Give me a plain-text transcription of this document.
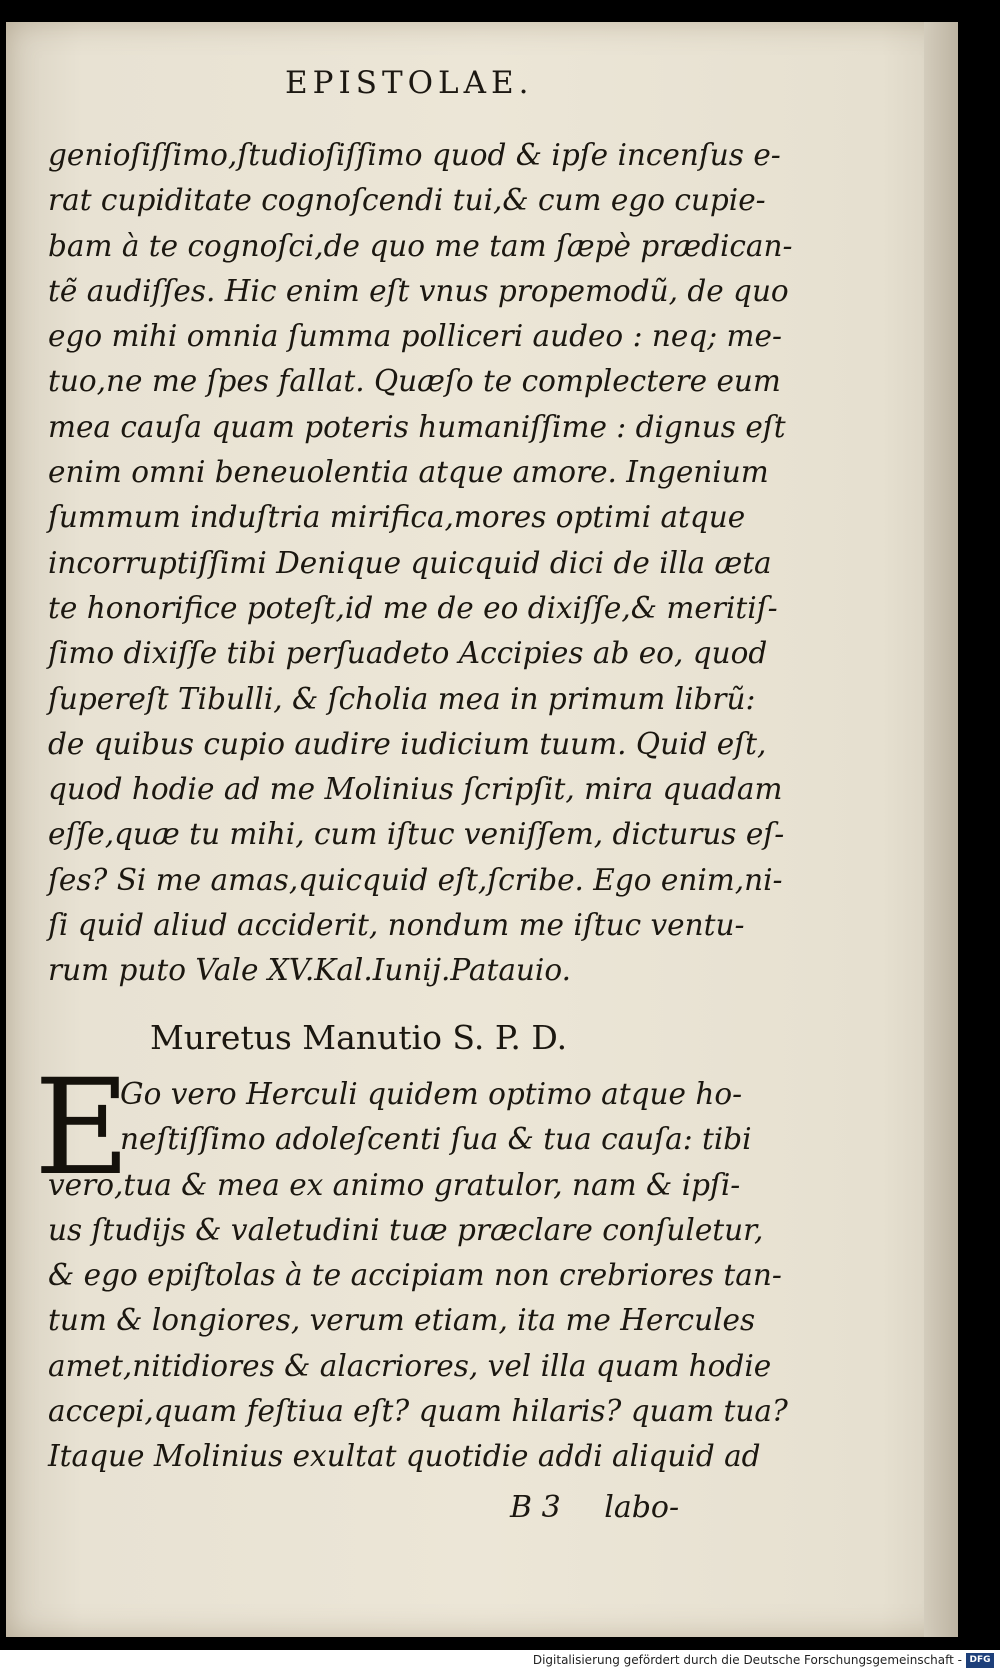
EPISTOLAE.
genioſiſſimo,ſtudioſiſſimo quod & ipſe incenſus e-
rat cupiditate cognoſcendi tui,& cum ego cupie-
bam à te cognoſci,de quo me tam ſæpè prædican-
tẽ audiſſes. Hic enim eſt vnus propemodũ, de quo
ego mihi omnia ſumma polliceri audeo : neq; me-
tuo,ne me ſpes fallat. Quæſo te complectere eum
mea cauſa quam poteris humaniſſime : dignus eſt
enim omni beneuolentia atque amore. Ingenium
ſummum induſtria mirifica,mores optimi atque
incorruptiſſimi Denique quicquid dici de illa æta
te honorifice poteſt,id me de eo dixiſſe,& meritiſ-
ſimo dixiſſe tibi perſuadeto Accipies ab eo, quod
ſupereſt Tibulli, & ſcholia mea in primum librũ:
de quibus cupio audire iudicium tuum. Quid eſt,
quod hodie ad me Molinius ſcripſit, mira quadam
eſſe,quæ tu mihi, cum iſtuc veniſſem, dicturus eſ-
ſes? Si me amas,quicquid eſt,ſcribe. Ego enim,ni-
ſi quid aliud acciderit, nondum me iſtuc ventu-
rum puto Vale XV.Kal.Iunij.Patauio.
Muretus Manutio S. P. D.
E
Go vero Herculi quidem optimo atque ho-
neſtiſſimo adoleſcenti ſua & tua cauſa: tibi
vero,tua & mea ex animo gratulor, nam & ipſi-
us ſtudijs & valetudini tuæ præclare conſuletur,
& ego epiſtolas à te accipiam non crebriores tan-
tum & longiores, verum etiam, ita me Hercules
amet,nitidiores & alacriores, vel illa quam hodie
accepi,quam feſtiua eſt? quam hilaris? quam tua?
Itaque Molinius exultat quotidie addi aliquid ad
B 3 labo-
Digitalisierung gefördert durch die Deutsche Forschungsgemeinschaft - DFG
